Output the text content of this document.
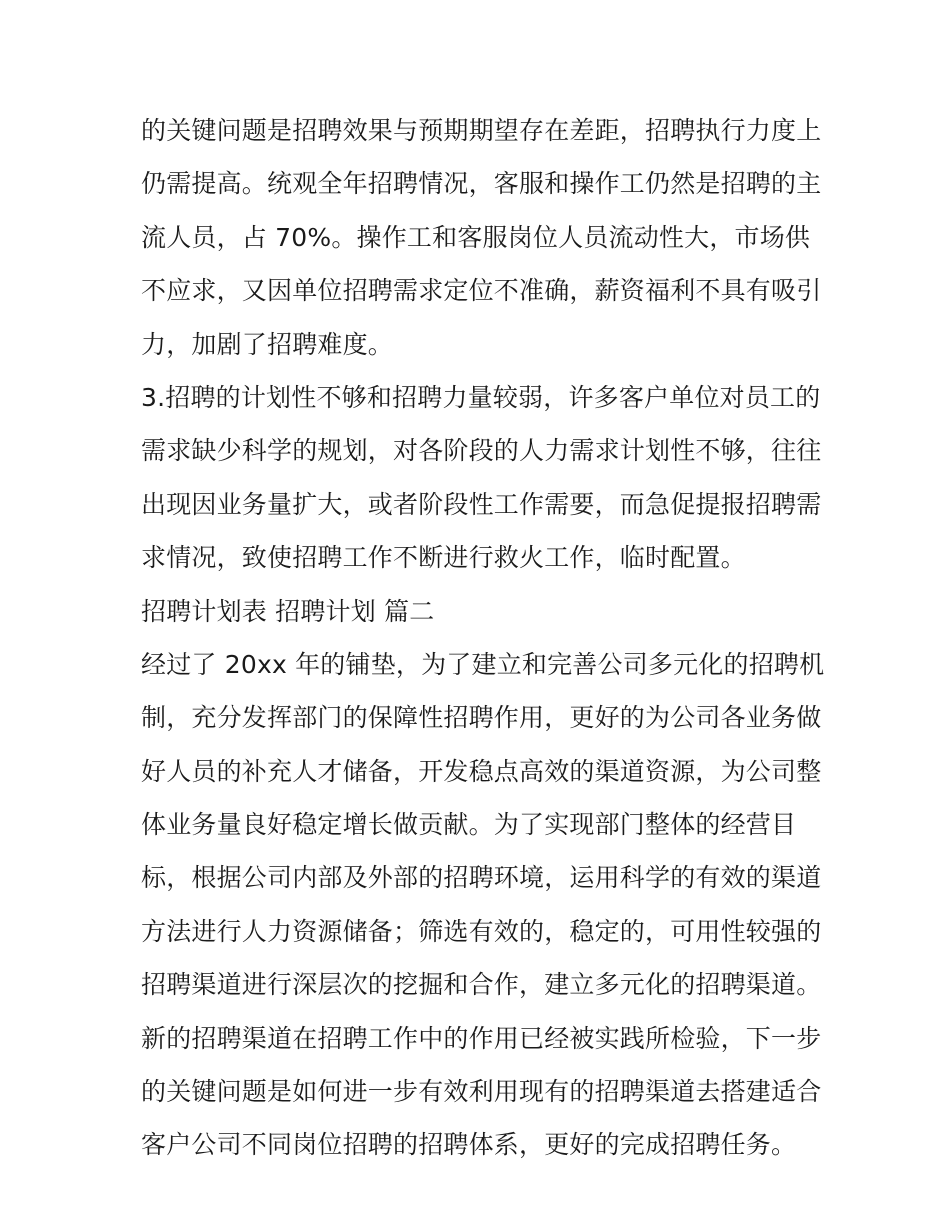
的关键问题是招聘效果与预期期望存在差距，招聘执行力度上
仍需提高。统观全年招聘情况，客服和操作工仍然是招聘的主
流人员，占 70%。操作工和客服岗位人员流动性大，市场供
不应求，又因单位招聘需求定位不准确，薪资福利不具有吸引
力，加剧了招聘难度。
3.招聘的计划性不够和招聘力量较弱，许多客户单位对员工的
需求缺少科学的规划，对各阶段的人力需求计划性不够，往往
出现因业务量扩大，或者阶段性工作需要，而急促提报招聘需
求情况，致使招聘工作不断进行救火工作，临时配置。
招聘计划表 招聘计划 篇二
经过了 20xx 年的铺垫，为了建立和完善公司多元化的招聘机
制，充分发挥部门的保障性招聘作用，更好的为公司各业务做
好人员的补充人才储备，开发稳点高效的渠道资源，为公司整
体业务量良好稳定增长做贡献。为了实现部门整体的经营目
标，根据公司内部及外部的招聘环境，运用科学的有效的渠道
方法进行人力资源储备；筛选有效的，稳定的，可用性较强的
招聘渠道进行深层次的挖掘和合作，建立多元化的招聘渠道。
新的招聘渠道在招聘工作中的作用已经被实践所检验，下一步
的关键问题是如何进一步有效利用现有的招聘渠道去搭建适合
客户公司不同岗位招聘的招聘体系，更好的完成招聘任务。
